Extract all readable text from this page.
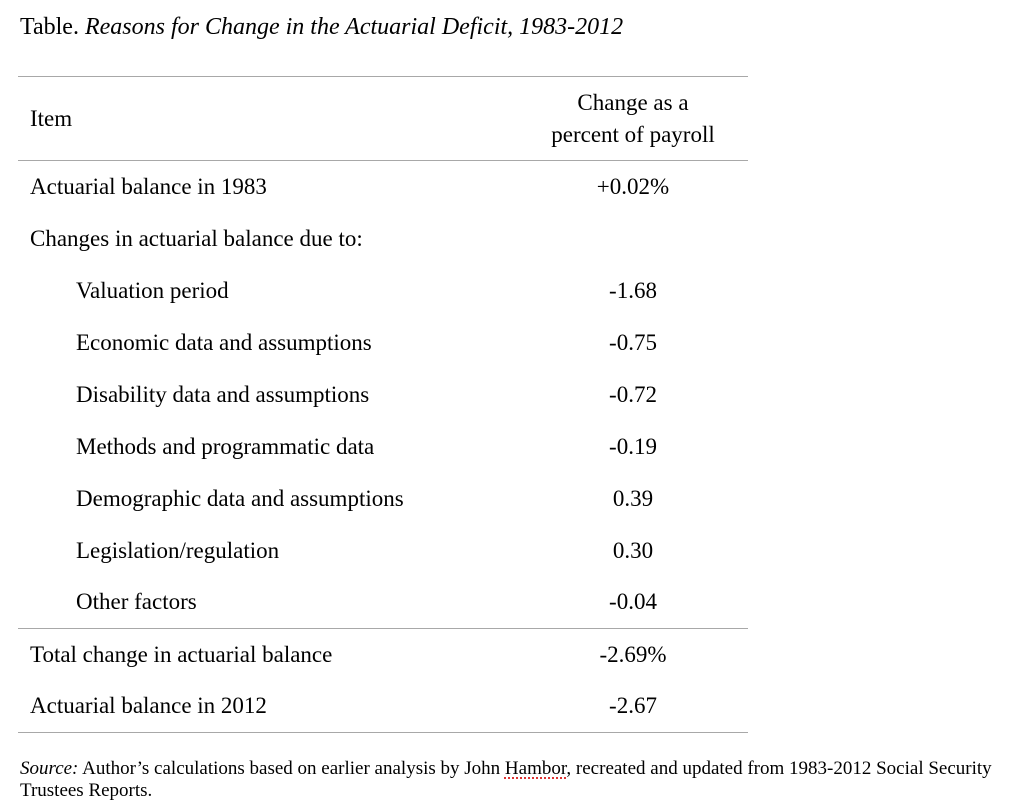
Table. Reasons for Change in the Actuarial Deficit, 1983-2012
Item	Change as a
percent of payroll

Actuarial balance in 1983	+0.02%
Changes in actuarial balance due to:	
Valuation period	-1.68
Economic data and assumptions	-0.75
Disability data and assumptions	-0.72
Methods and programmatic data	-0.19
Demographic data and assumptions	0.39
Legislation/regulation	0.30
Other factors	-0.04
Total change in actuarial balance	-2.69%
Actuarial balance in 2012	-2.67
Source: Author’s calculations based on earlier analysis by John Hambor, recreated and updated from 1983-2012 Social Security Trustees Reports.
